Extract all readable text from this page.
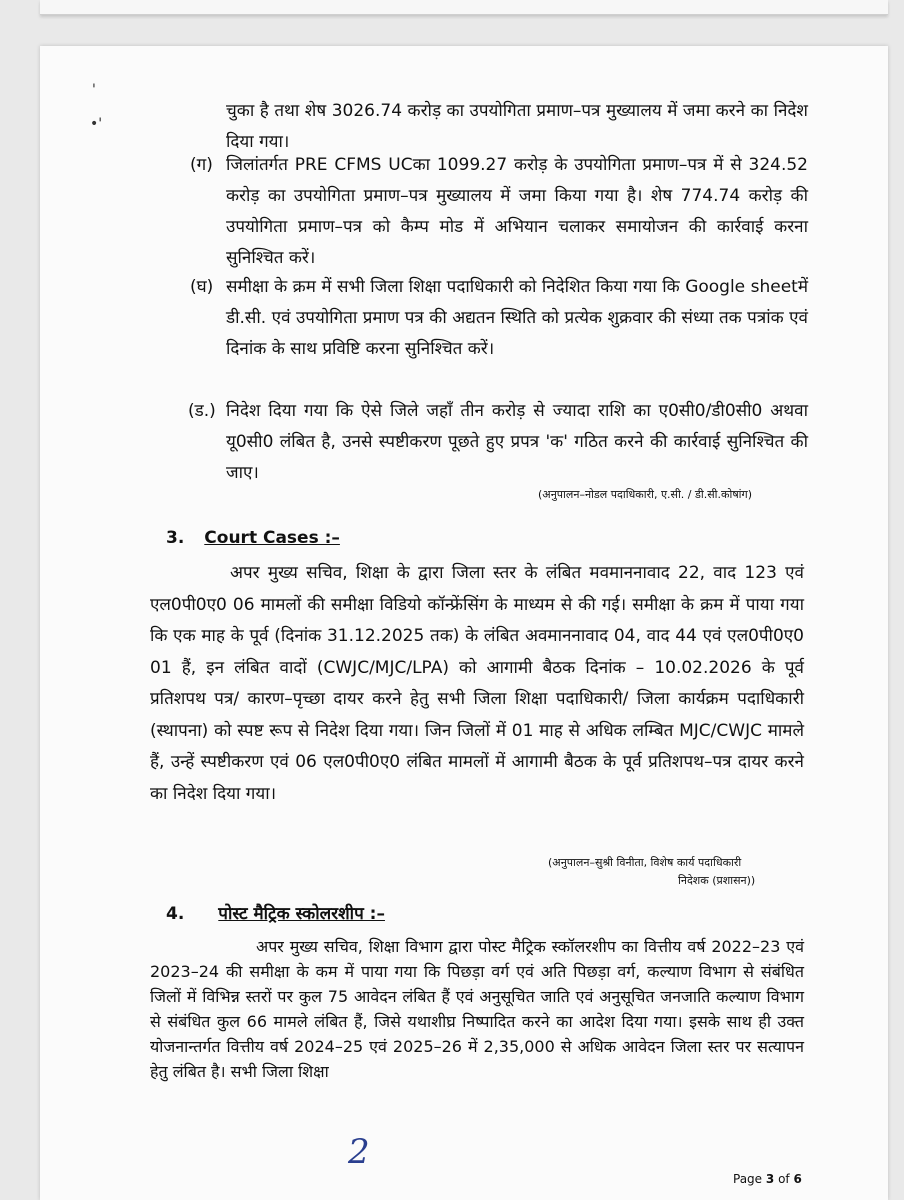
'
•'

चुका है तथा शेष 3026.74 करोड़ का उपयोगिता प्रमाण–पत्र मुख्यालय में जमा करने का निदेश दिया गया।

(ग) जिलांतर्गत PRE CFMS UCका 1099.27 करोड़ के उपयोगिता प्रमाण–पत्र में से 324.52 करोड़ का उपयोगिता प्रमाण–पत्र मुख्यालय में जमा किया गया है। शेष 774.74 करोड़ की उपयोगिता प्रमाण–पत्र को कैम्प मोड में अभियान चलाकर समायोजन की कार्रवाई करना सुनिश्चित करें।

(घ) समीक्षा के क्रम में सभी जिला शिक्षा पदाधिकारी को निदेशित किया गया कि Google sheetमें डी.सी. एवं उपयोगिता प्रमाण पत्र की अद्यतन स्थिति को प्रत्येक शुक्रवार की संध्या तक पत्रांक एवं दिनांक के साथ प्रविष्टि करना सुनिश्चित करें।

(ड.) निदेश दिया गया कि ऐसे जिले जहाँ तीन करोड़ से ज्यादा राशि का ए0सी0/डी0सी0 अथवा यू0सी0 लंबित है, उनसे स्पष्टीकरण पूछते हुए प्रपत्र 'क' गठित करने की कार्रवाई सुनिश्चित की जाए।

(अनुपालन–नोडल पदाधिकारी, ए.सी. / डी.सी.कोषांग)
3. Court Cases :–

अपर मुख्य सचिव, शिक्षा के द्वारा जिला स्तर के लंबित मवमाननावाद 22, वाद 123 एवं एल0पी0ए0 06 मामलों की समीक्षा विडियो कॉन्फ्रेंसिंग के माध्यम से की गई। समीक्षा के क्रम में पाया गया कि एक माह के पूर्व (दिनांक 31.12.2025 तक) के लंबित अवमाननावाद 04, वाद 44 एवं एल0पी0ए0 01 हैं, इन लंबित वादों (CWJC/MJC/LPA) को आगामी बैठक दिनांक – 10.02.2026 के पूर्व प्रतिशपथ पत्र/ कारण–पृच्छा दायर करने हेतु सभी जिला शिक्षा पदाधिकारी/ जिला कार्यक्रम पदाधिकारी (स्थापना) को स्पष्ट रूप से निदेश दिया गया। जिन जिलों में 01 माह से अधिक लम्बित MJC/CWJC मामले हैं, उन्हें स्पष्टीकरण एवं 06 एल0पी0ए0 लंबित मामलों में आगामी बैठक के पूर्व प्रतिशपथ–पत्र दायर करने का निदेश दिया गया।

(अनुपालन–सुश्री विनीता, विशेष कार्य पदाधिकारी
निदेशक (प्रशासन))
4. पोस्ट मैट्रिक स्कोलरशीप :–

अपर मुख्य सचिव, शिक्षा विभाग द्वारा पोस्ट मैट्रिक स्कॉलरशीप का वित्तीय वर्ष 2022–23 एवं 2023–24 की समीक्षा के कम में पाया गया कि पिछड़ा वर्ग एवं अति पिछड़ा वर्ग, कल्याण विभाग से संबंधित जिलों में विभिन्न स्तरों पर कुल 75 आवेदन लंबित हैं एवं अनुसूचित जाति एवं अनुसूचित जनजाति कल्याण विभाग से संबंधित कुल 66 मामले लंबित हैं, जिसे यथाशीघ्र निष्पादित करने का आदेश दिया गया। इसके साथ ही उक्त योजनान्तर्गत वित्तीय वर्ष 2024–25 एवं 2025–26 में 2,35,000 से अधिक आवेदन जिला स्तर पर सत्यापन हेतु लंबित है। सभी जिला शिक्षा

2
Page 3 of 6
